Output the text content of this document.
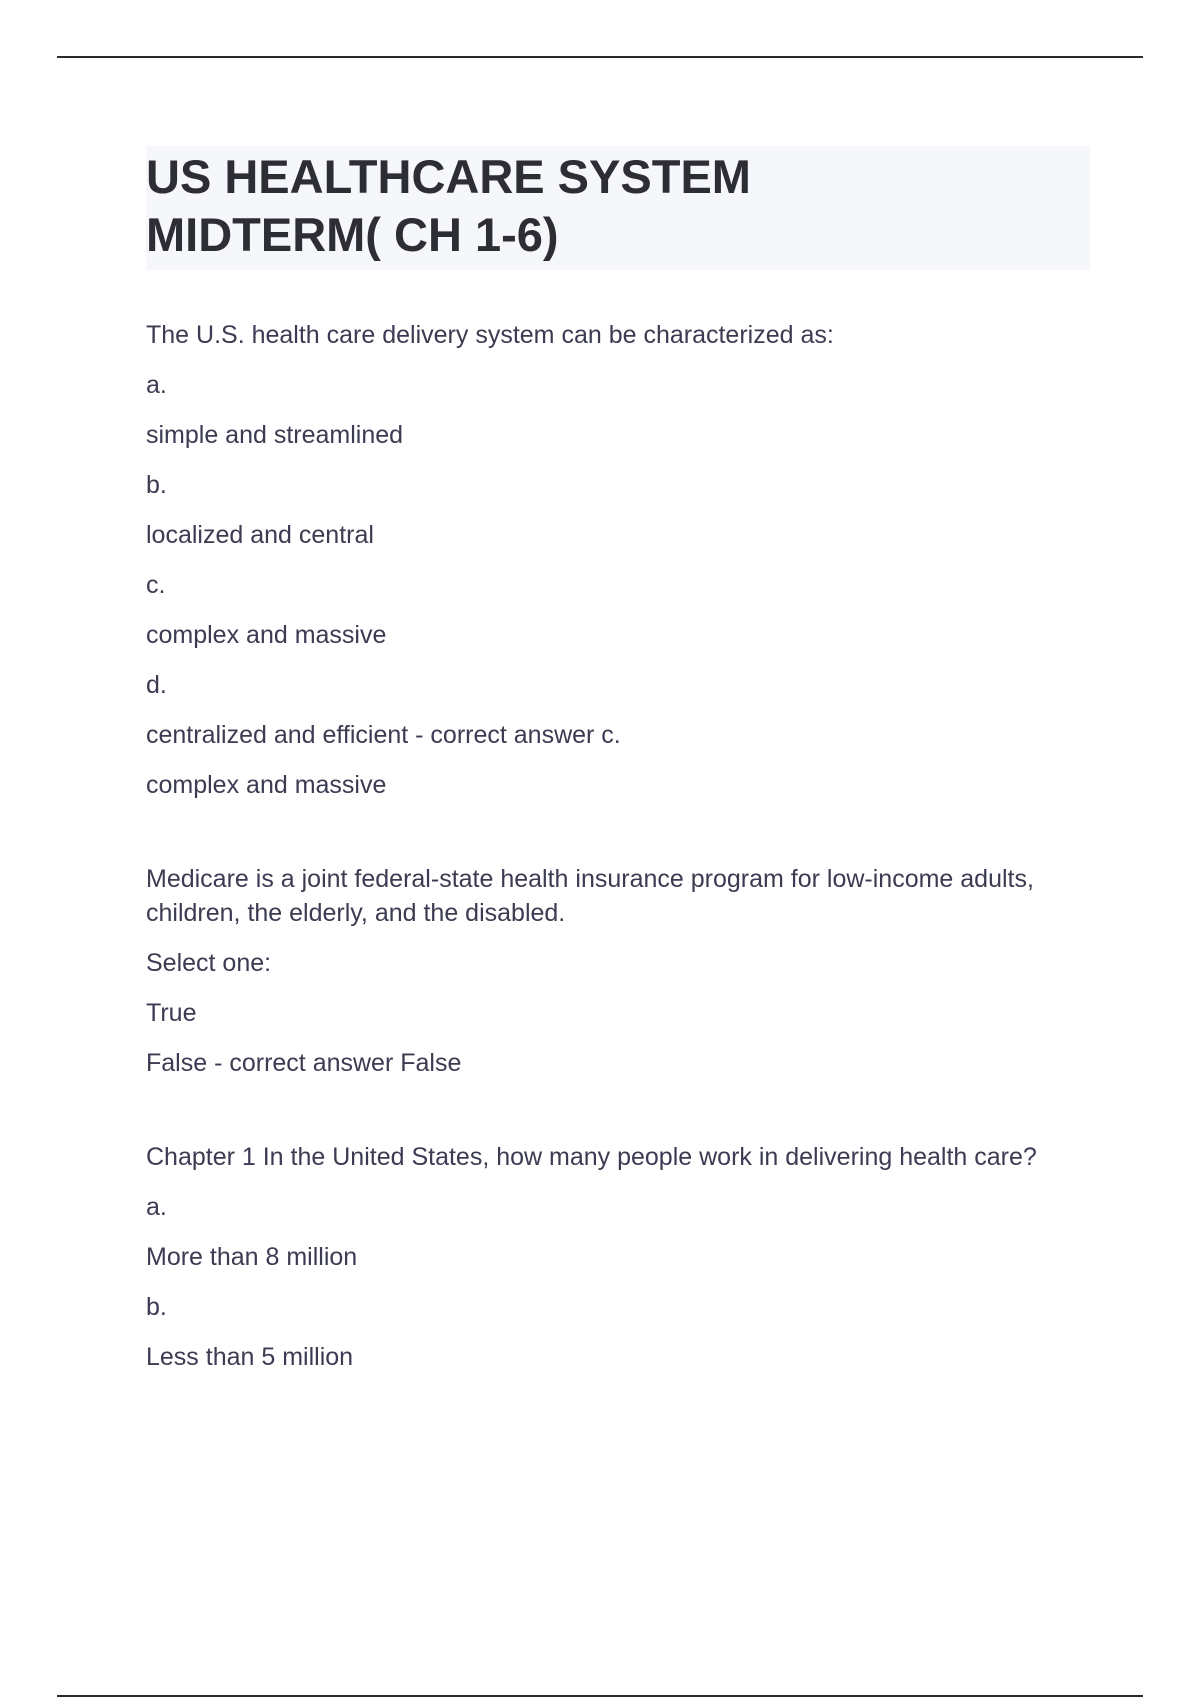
US HEALTHCARE SYSTEM
MIDTERM( CH 1-6)

The U.S. health care delivery system can be characterized as:

a.
simple and streamlined
b.
localized and central
c.
complex and massive
d.
centralized and efficient - correct answer c.
complex and massive

Medicare is a joint federal-state health insurance program for low-income adults, children, the elderly, and the disabled.

Select one:
True
False - correct answer False

Chapter 1 In the United States, how many people work in delivering health care?

a.
More than 8 million
b.
Less than 5 million
